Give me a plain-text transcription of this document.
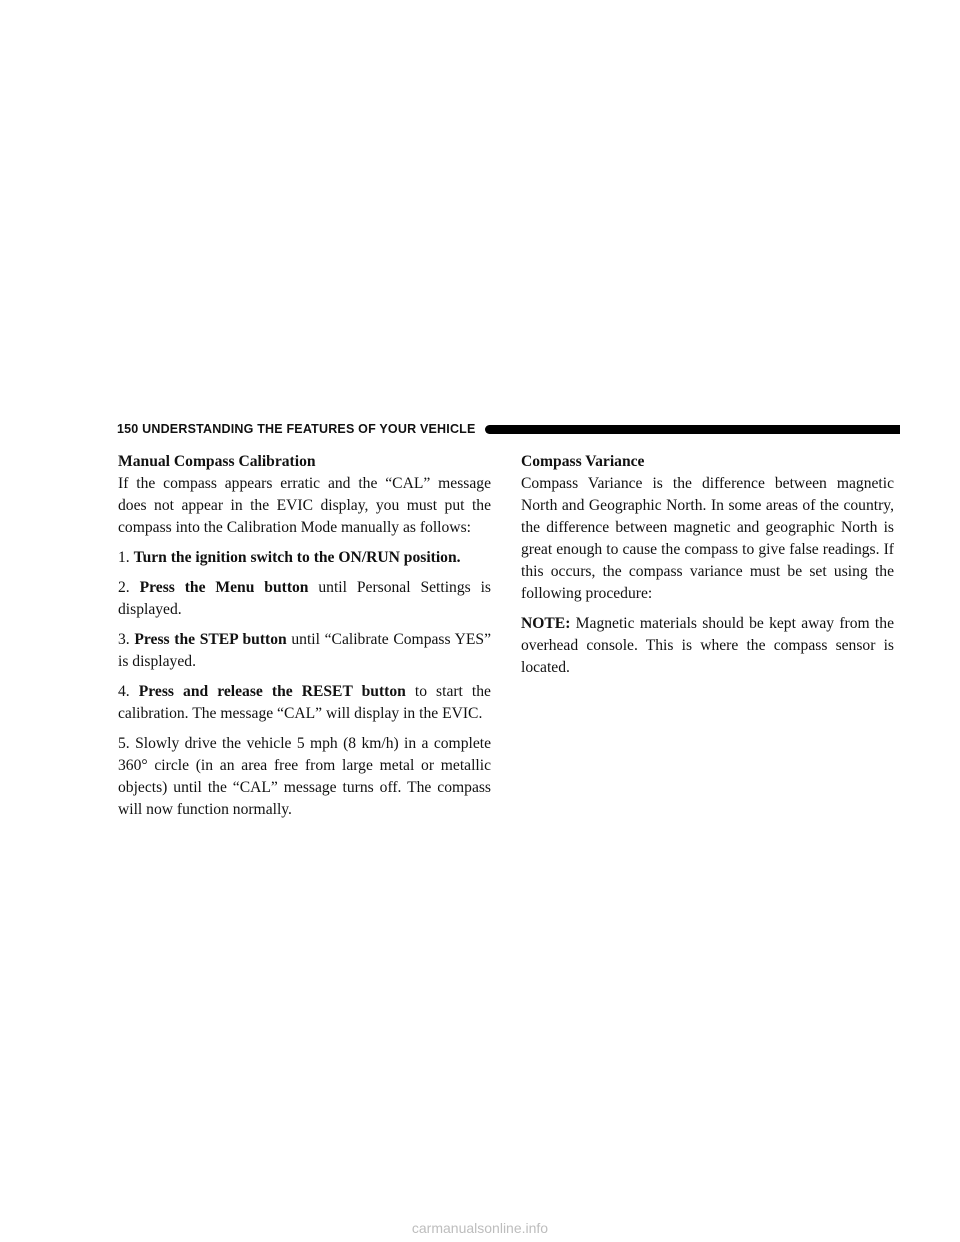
150 UNDERSTANDING THE FEATURES OF YOUR VEHICLE
Manual Compass Calibration

If the compass appears erratic and the “CAL” message does not appear in the EVIC display, you must put the compass into the Calibration Mode manually as follows:

1. Turn the ignition switch to the ON/RUN position.
2. Press the Menu button until Personal Settings is displayed.
3. Press the STEP button until “Calibrate Compass YES” is displayed.
4. Press and release the RESET button to start the calibration. The message “CAL” will display in the EVIC.
5. Slowly drive the vehicle 5 mph (8 km/h) in a complete 360° circle (in an area free from large metal or metallic objects) until the “CAL” message turns off. The compass will now function normally.
Compass Variance

Compass Variance is the difference between magnetic North and Geographic North. In some areas of the country, the difference between magnetic and geographic North is great enough to cause the compass to give false readings. If this occurs, the compass variance must be set using the following procedure:

NOTE: Magnetic materials should be kept away from the overhead console. This is where the compass sensor is located.

carmanualsonline.info
